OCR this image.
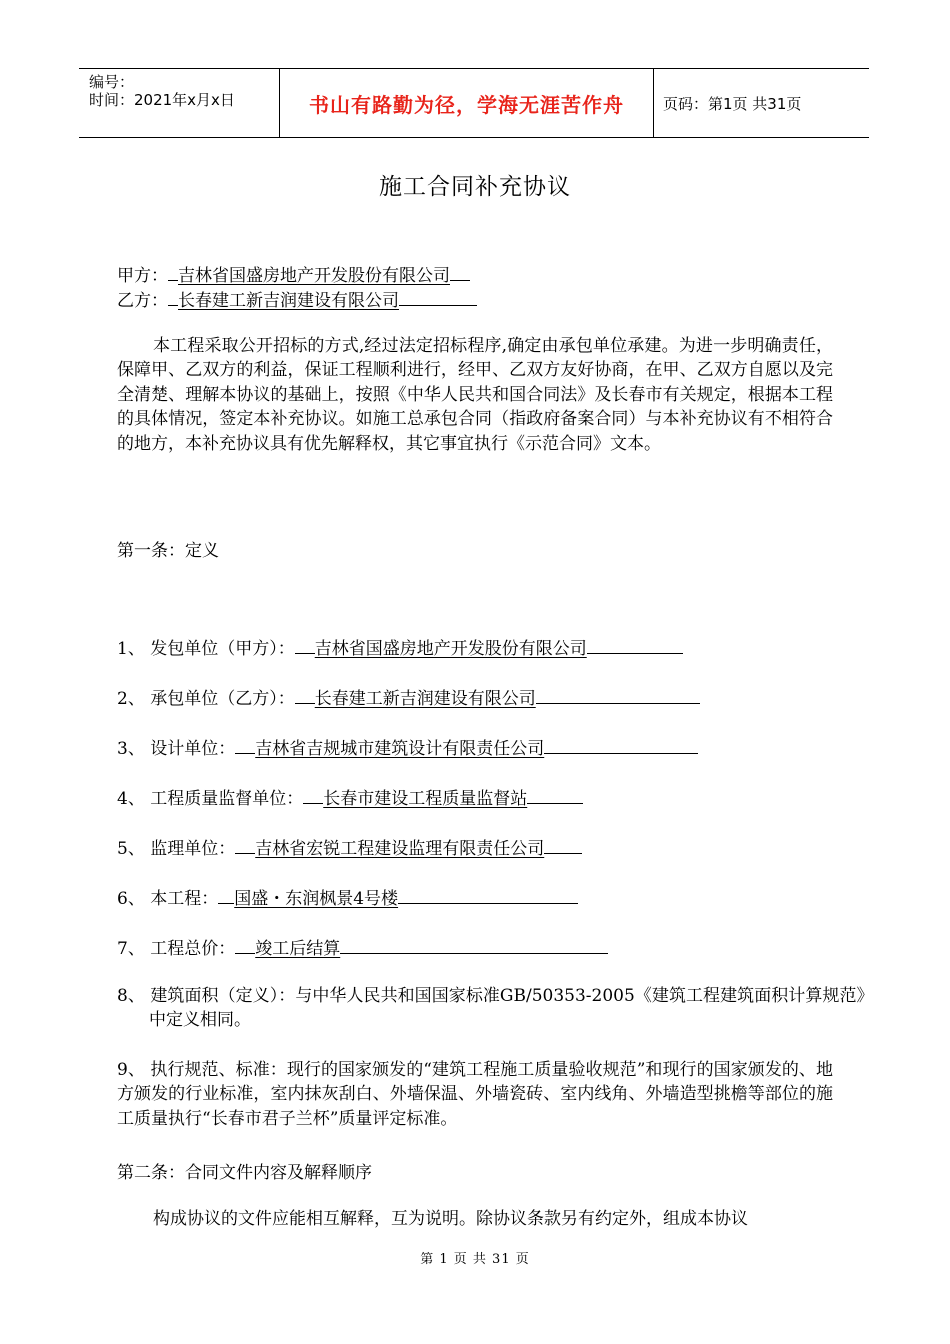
编号：
时间：2021年x月x日	书山有路勤为径，学海无涯苦作舟	页码：第1页 共31页
施工合同补充协议
甲方： 吉林省国盛房地产开发股份有限公司
乙方： 长春建工新吉润建设有限公司
本工程采取公开招标的方式,经过法定招标程序,确定由承包单位承建。为进一步明确责任，保障甲、乙双方的利益，保证工程顺利进行，经甲、乙双方友好协商，在甲、乙双方自愿以及完全清楚、理解本协议的基础上，按照《中华人民共和国合同法》及长春市有关规定，根据本工程的具体情况，签定本补充协议。如施工总承包合同（指政府备案合同）与本补充协议有不相符合的地方，本补充协议具有优先解释权，其它事宜执行《示范合同》文本。
第一条：定义
1、 发包单位（甲方）： 吉林省国盛房地产开发股份有限公司
2、 承包单位（乙方）： 长春建工新吉润建设有限公司
3、 设计单位： 吉林省吉规城市建筑设计有限责任公司
4、 工程质量监督单位： 长春市建设工程质量监督站
5、 监理单位： 吉林省宏锐工程建设监理有限责任公司
6、 本工程： 国盛・东润枫景4号楼
7、 工程总价： 竣工后结算
8、 建筑面积（定义）：与中华人民共和国国家标准GB/50353-2005《建筑工程建筑面积计算规范》中定义相同。
9、 执行规范、标准：现行的国家颁发的“建筑工程施工质量验收规范”和现行的国家颁发的、地方颁发的行业标准，室内抹灰刮白、外墙保温、外墙瓷砖、室内线角、外墙造型挑檐等部位的施工质量执行“长春市君子兰杯”质量评定标准。
第二条：合同文件内容及解释顺序
构成协议的文件应能相互解释，互为说明。除协议条款另有约定外，组成本协议
第 1 页 共 31 页
